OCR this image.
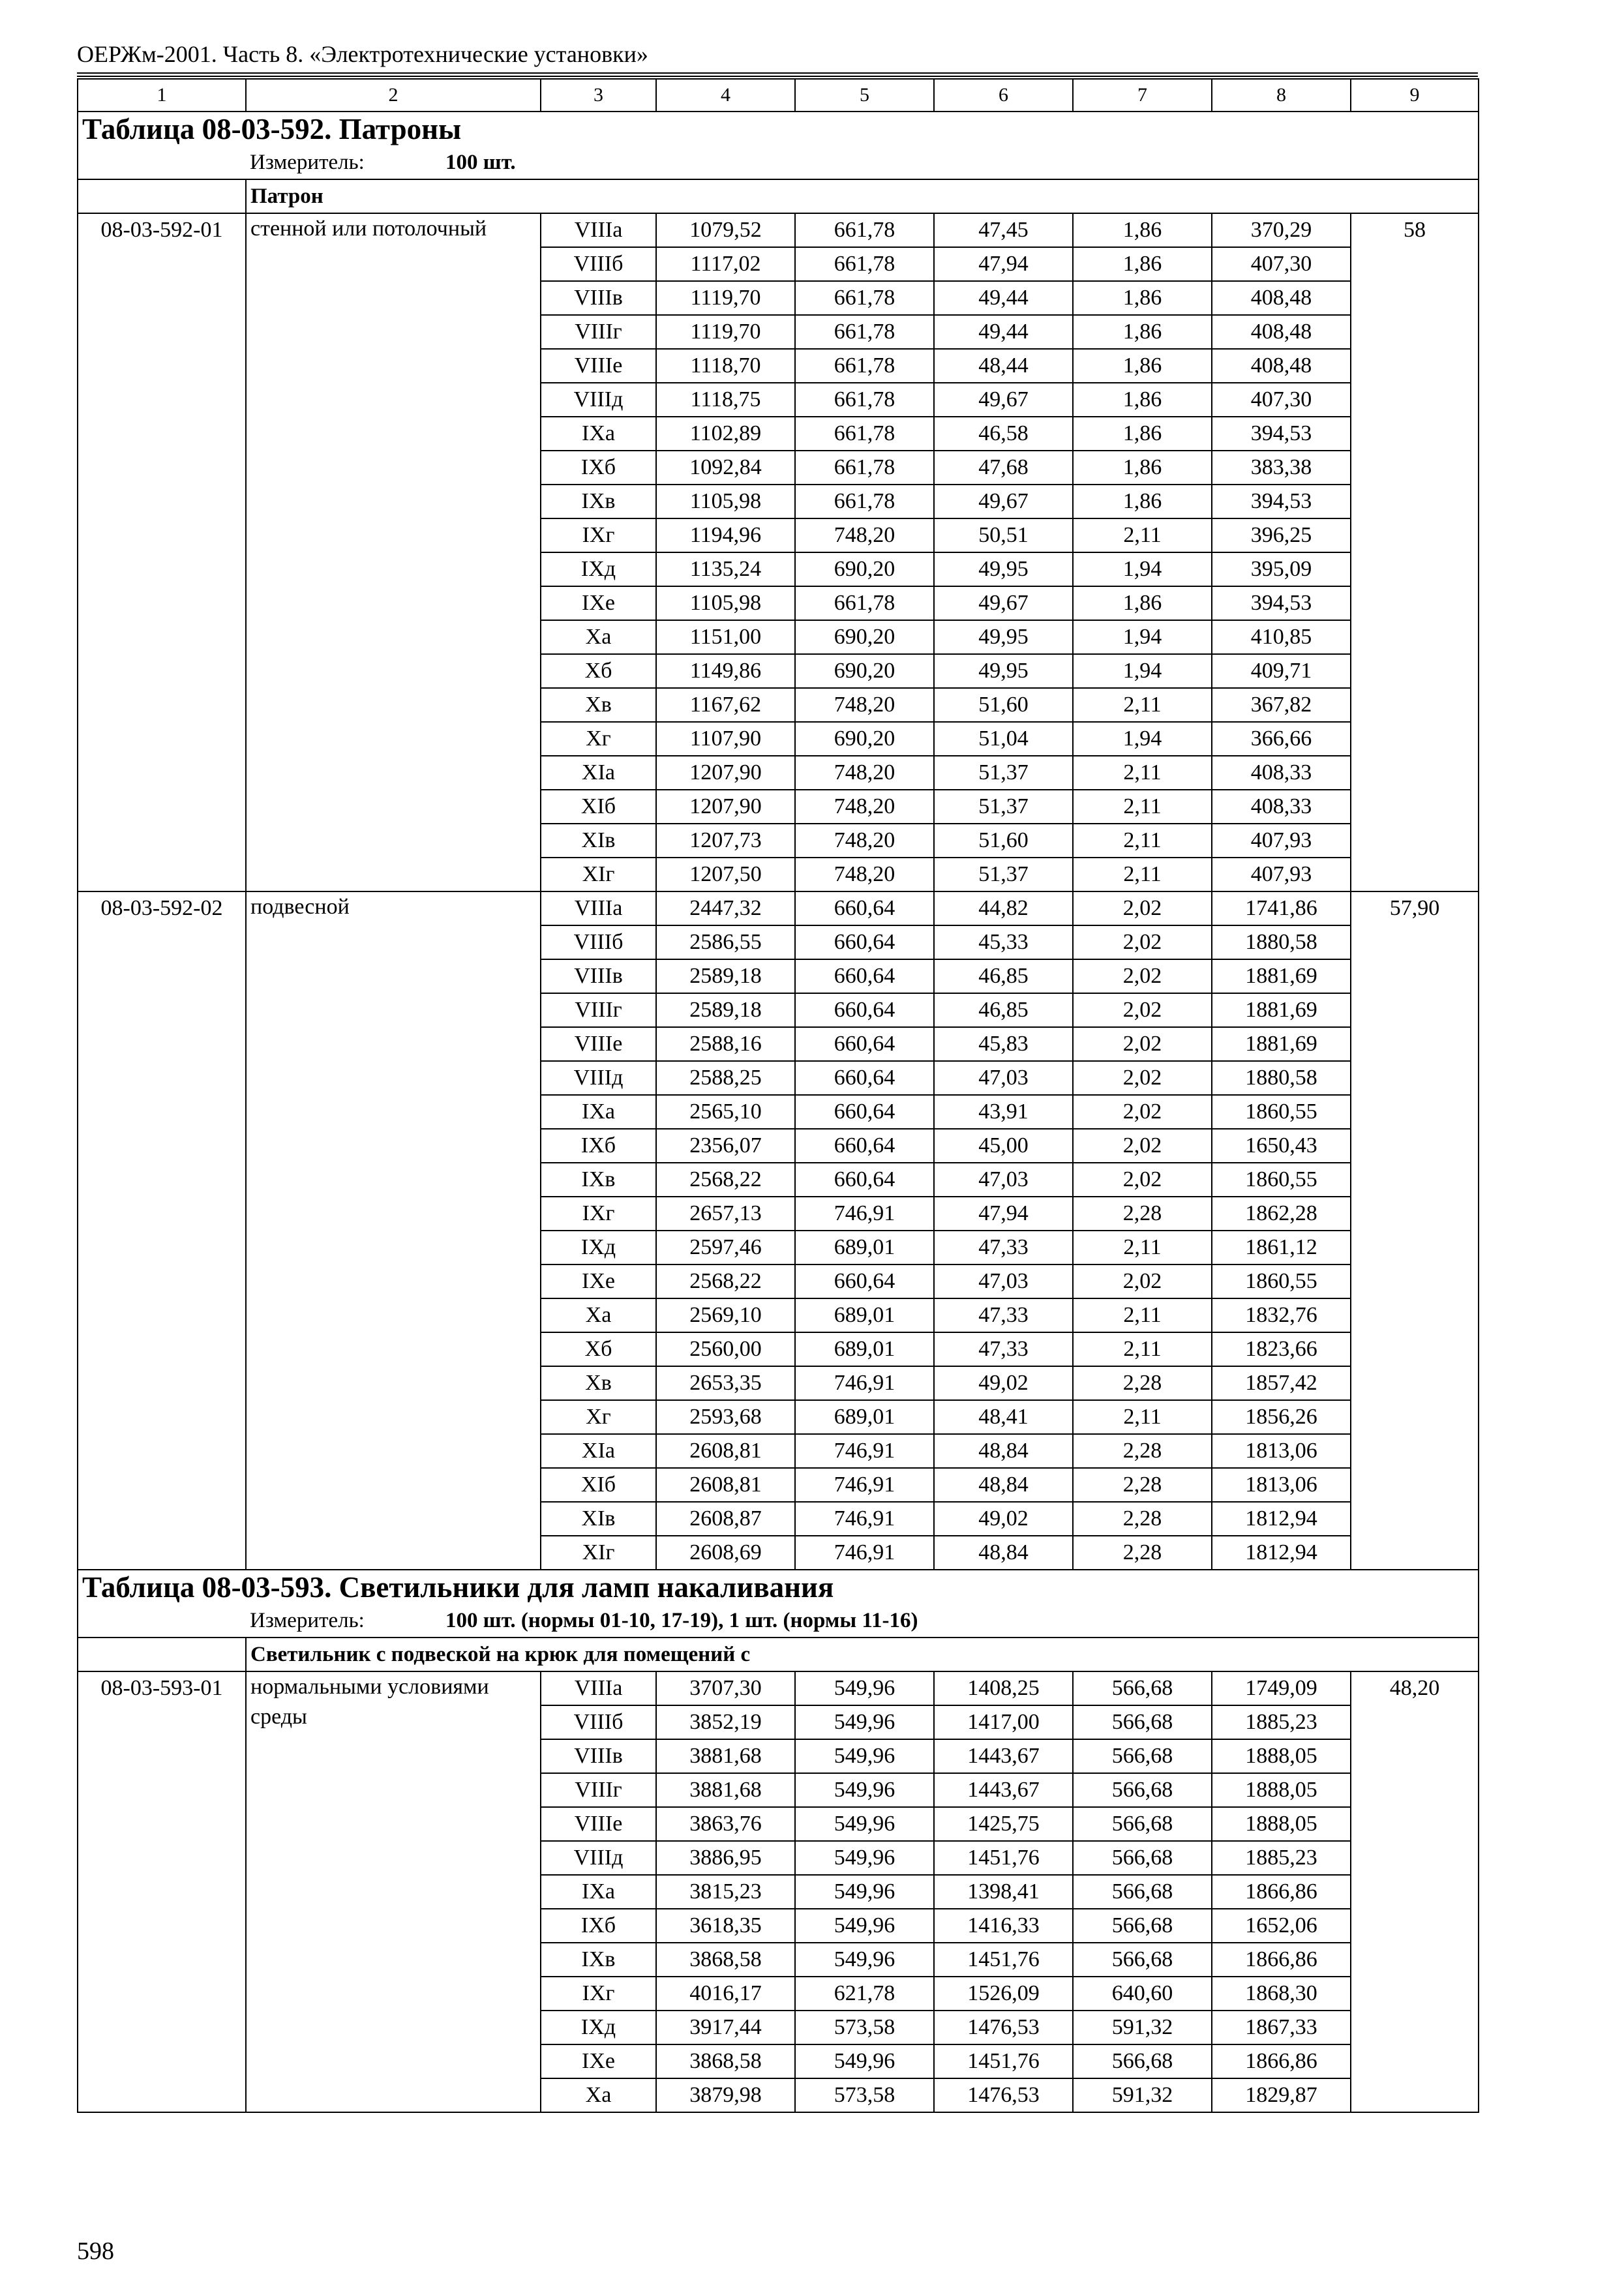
ОЕРЖм-2001. Часть 8. «Электротехнические установки»
1	2	3	4	5	6	7	8	9
Таблица 08-03-592. Патроны								
	Измеритель: 100 шт.							
	Патрон							
08-03-592-01	стенной или потолочный	VIIIа	1079,52	661,78	47,45	1,86	370,29	58
		VIIIб	1117,02	661,78	47,94	1,86	407,30	
		VIIIв	1119,70	661,78	49,44	1,86	408,48	
		VIIIг	1119,70	661,78	49,44	1,86	408,48	
		VIIIе	1118,70	661,78	48,44	1,86	408,48	
		VIIIд	1118,75	661,78	49,67	1,86	407,30	
		IXа	1102,89	661,78	46,58	1,86	394,53	
		IXб	1092,84	661,78	47,68	1,86	383,38	
		IXв	1105,98	661,78	49,67	1,86	394,53	
		IXг	1194,96	748,20	50,51	2,11	396,25	
		IXд	1135,24	690,20	49,95	1,94	395,09	
		IXе	1105,98	661,78	49,67	1,86	394,53	
		Xа	1151,00	690,20	49,95	1,94	410,85	
		Xб	1149,86	690,20	49,95	1,94	409,71	
		Xв	1167,62	748,20	51,60	2,11	367,82	
		Xг	1107,90	690,20	51,04	1,94	366,66	
		XIа	1207,90	748,20	51,37	2,11	408,33	
		XIб	1207,90	748,20	51,37	2,11	408,33	
		XIв	1207,73	748,20	51,60	2,11	407,93	
		XIг	1207,50	748,20	51,37	2,11	407,93	
08-03-592-02	подвесной	VIIIа	2447,32	660,64	44,82	2,02	1741,86	57,90
		VIIIб	2586,55	660,64	45,33	2,02	1880,58	
		VIIIв	2589,18	660,64	46,85	2,02	1881,69	
		VIIIг	2589,18	660,64	46,85	2,02	1881,69	
		VIIIе	2588,16	660,64	45,83	2,02	1881,69	
		VIIIд	2588,25	660,64	47,03	2,02	1880,58	
		IXа	2565,10	660,64	43,91	2,02	1860,55	
		IXб	2356,07	660,64	45,00	2,02	1650,43	
		IXв	2568,22	660,64	47,03	2,02	1860,55	
		IXг	2657,13	746,91	47,94	2,28	1862,28	
		IXд	2597,46	689,01	47,33	2,11	1861,12	
		IXе	2568,22	660,64	47,03	2,02	1860,55	
		Xа	2569,10	689,01	47,33	2,11	1832,76	
		Xб	2560,00	689,01	47,33	2,11	1823,66	
		Xв	2653,35	746,91	49,02	2,28	1857,42	
		Xг	2593,68	689,01	48,41	2,11	1856,26	
		XIа	2608,81	746,91	48,84	2,28	1813,06	
		XIб	2608,81	746,91	48,84	2,28	1813,06	
		XIв	2608,87	746,91	49,02	2,28	1812,94	
		XIг	2608,69	746,91	48,84	2,28	1812,94	
Таблица 08-03-593. Светильники для ламп накаливания								
	Измеритель: 100 шт. (нормы 01-10, 17-19), 1 шт. (нормы 11-16)							
	Светильник с подвеской на крюк для помещений с							
08-03-593-01	нормальными условиями среды	VIIIа	3707,30	549,96	1408,25	566,68	1749,09	48,20
		VIIIб	3852,19	549,96	1417,00	566,68	1885,23	
		VIIIв	3881,68	549,96	1443,67	566,68	1888,05	
		VIIIг	3881,68	549,96	1443,67	566,68	1888,05	
		VIIIе	3863,76	549,96	1425,75	566,68	1888,05	
		VIIIд	3886,95	549,96	1451,76	566,68	1885,23	
		IXа	3815,23	549,96	1398,41	566,68	1866,86	
		IXб	3618,35	549,96	1416,33	566,68	1652,06	
		IXв	3868,58	549,96	1451,76	566,68	1866,86	
		IXг	4016,17	621,78	1526,09	640,60	1868,30	
		IXд	3917,44	573,58	1476,53	591,32	1867,33	
		IXе	3868,58	549,96	1451,76	566,68	1866,86	
		Xа	3879,98	573,58	1476,53	591,32	1829,87	
598
